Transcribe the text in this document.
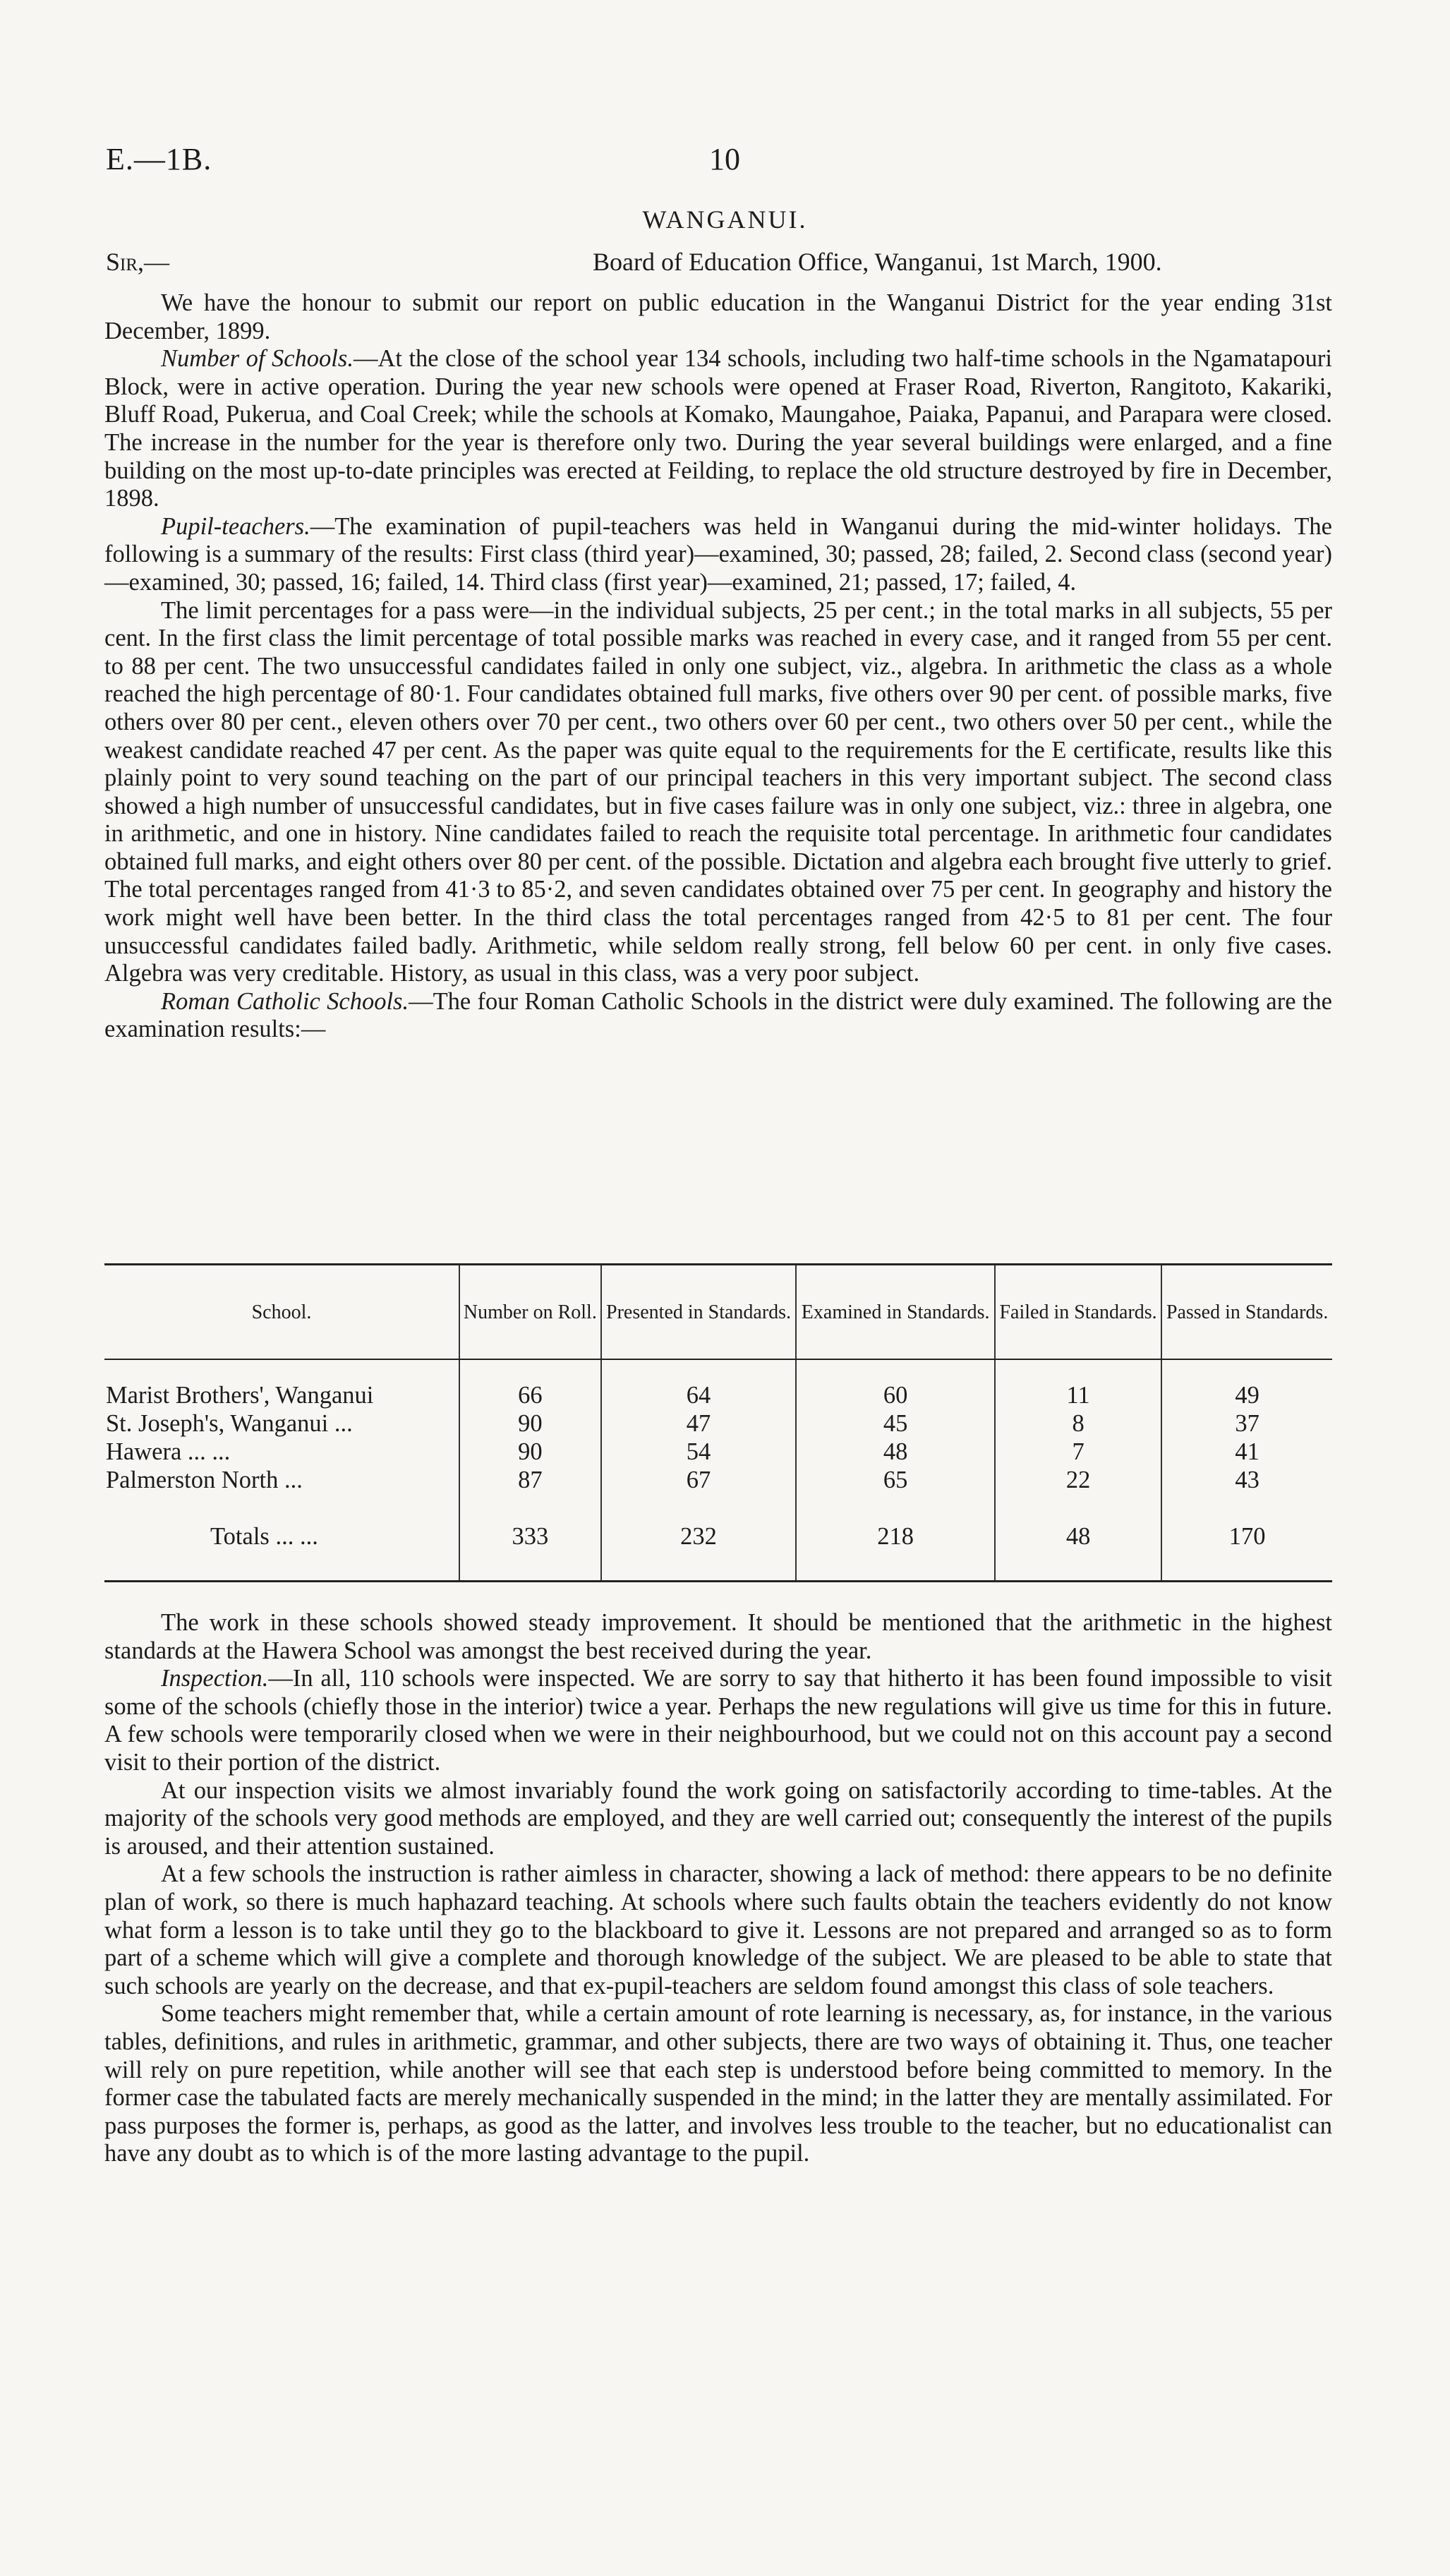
E.—1B.	10
WANGANUI.
Sir,—	Board of Education Office, Wanganui, 1st March, 1900.

We have the honour to submit our report on public education in the Wanganui District for the year ending 31st December, 1899.

Number of Schools.—At the close of the school year 134 schools, including two half-time schools in the Ngamatapouri Block, were in active operation. During the year new schools were opened at Fraser Road, Riverton, Rangitoto, Kakariki, Bluff Road, Pukerua, and Coal Creek; while the schools at Komako, Maungahoe, Paiaka, Papanui, and Parapara were closed. The increase in the number for the year is therefore only two. During the year several buildings were enlarged, and a fine building on the most up-to-date principles was erected at Feilding, to replace the old structure destroyed by fire in December, 1898.

Pupil-teachers.—The examination of pupil-teachers was held in Wanganui during the mid-winter holidays. The following is a summary of the results: First class (third year)—examined, 30; passed, 28; failed, 2. Second class (second year)—examined, 30; passed, 16; failed, 14. Third class (first year)—examined, 21; passed, 17; failed, 4.

The limit percentages for a pass were—in the individual subjects, 25 per cent.; in the total marks in all subjects, 55 per cent. In the first class the limit percentage of total possible marks was reached in every case, and it ranged from 55 per cent. to 88 per cent. The two unsuccessful candidates failed in only one subject, viz., algebra. In arithmetic the class as a whole reached the high percentage of 80·1. Four candidates obtained full marks, five others over 90 per cent. of possible marks, five others over 80 per cent., eleven others over 70 per cent., two others over 60 per cent., two others over 50 per cent., while the weakest candidate reached 47 per cent. As the paper was quite equal to the requirements for the E certificate, results like this plainly point to very sound teaching on the part of our principal teachers in this very important subject. The second class showed a high number of unsuccessful candidates, but in five cases failure was in only one subject, viz.: three in algebra, one in arithmetic, and one in history. Nine candidates failed to reach the requisite total percentage. In arithmetic four candidates obtained full marks, and eight others over 80 per cent. of the possible. Dictation and algebra each brought five utterly to grief. The total percentages ranged from 41·3 to 85·2, and seven candidates obtained over 75 per cent. In geography and history the work might well have been better. In the third class the total percentages ranged from 42·5 to 81 per cent. The four unsuccessful candidates failed badly. Arithmetic, while seldom really strong, fell below 60 per cent. in only five cases. Algebra was very creditable. History, as usual in this class, was a very poor subject.

Roman Catholic Schools.—The four Roman Catholic Schools in the district were duly examined. The following are the examination results:—

School.	Number on Roll.	Presented in Standards.	Examined in Standards.	Failed in Standards.	Passed in Standards.
Marist Brothers', Wanganui	66	64	60	11	49
St. Joseph's, Wanganui ...	90	47	45	8	37
Hawera ... ...	90	54	48	7	41
Palmerston North ...	87	67	65	22	43
Totals ... ...	333	232	218	48	170

The work in these schools showed steady improvement. It should be mentioned that the arithmetic in the highest standards at the Hawera School was amongst the best received during the year.

Inspection.—In all, 110 schools were inspected. We are sorry to say that hitherto it has been found impossible to visit some of the schools (chiefly those in the interior) twice a year. Perhaps the new regulations will give us time for this in future. A few schools were temporarily closed when we were in their neighbourhood, but we could not on this account pay a second visit to their portion of the district.

At our inspection visits we almost invariably found the work going on satisfactorily according to time-tables. At the majority of the schools very good methods are employed, and they are well carried out; consequently the interest of the pupils is aroused, and their attention sustained.

At a few schools the instruction is rather aimless in character, showing a lack of method: there appears to be no definite plan of work, so there is much haphazard teaching. At schools where such faults obtain the teachers evidently do not know what form a lesson is to take until they go to the blackboard to give it. Lessons are not prepared and arranged so as to form part of a scheme which will give a complete and thorough knowledge of the subject. We are pleased to be able to state that such schools are yearly on the decrease, and that ex-pupil-teachers are seldom found amongst this class of sole teachers.

Some teachers might remember that, while a certain amount of rote learning is necessary, as, for instance, in the various tables, definitions, and rules in arithmetic, grammar, and other subjects, there are two ways of obtaining it. Thus, one teacher will rely on pure repetition, while another will see that each step is understood before being committed to memory. In the former case the tabulated facts are merely mechanically suspended in the mind; in the latter they are mentally assimilated. For pass purposes the former is, perhaps, as good as the latter, and involves less trouble to the teacher, but no educationalist can have any doubt as to which is of the more lasting advantage to the pupil.
